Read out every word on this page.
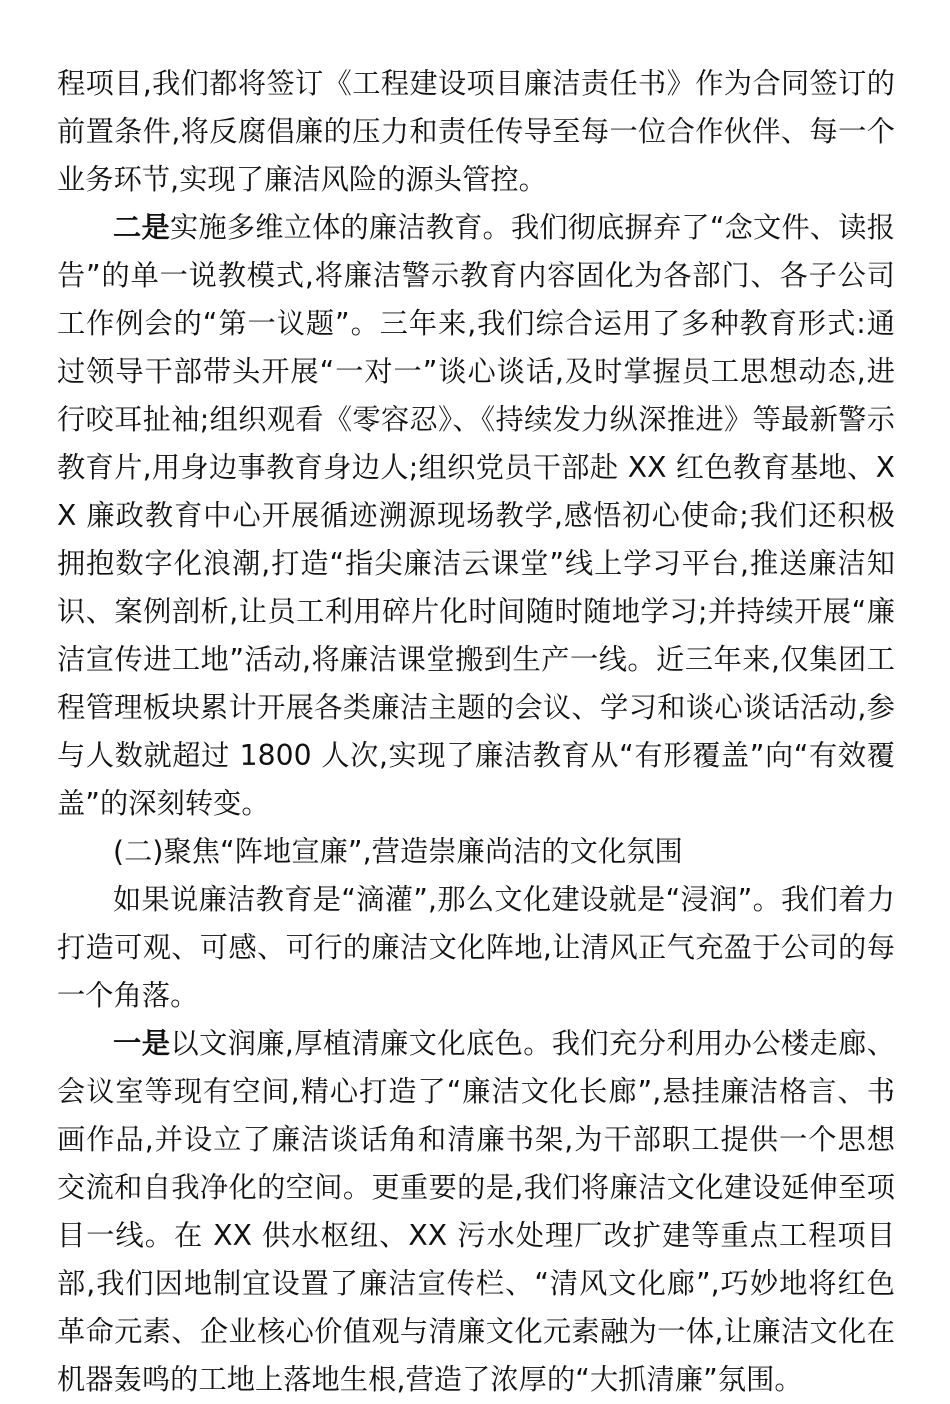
程项目,我们都将签订《工程建设项目廉洁责任书》作为合同签订的前置条件,将反腐倡廉的压力和责任传导至每一位合作伙伴、每一个业务环节,实现了廉洁风险的源头管控。

二是实施多维立体的廉洁教育。我们彻底摒弃了“念文件、读报告”的单一说教模式,将廉洁警示教育内容固化为各部门、各子公司工作例会的“第一议题”。三年来,我们综合运用了多种教育形式:通过领导干部带头开展“一对一”谈心谈话,及时掌握员工思想动态,进行咬耳扯袖;组织观看《零容忍》、《持续发力纵深推进》等最新警示教育片,用身边事教育身边人;组织党员干部赴 XX 红色教育基地、XX 廉政教育中心开展循迹溯源现场教学,感悟初心使命;我们还积极拥抱数字化浪潮,打造“指尖廉洁云课堂”线上学习平台,推送廉洁知识、案例剖析,让员工利用碎片化时间随时随地学习;并持续开展“廉洁宣传进工地”活动,将廉洁课堂搬到生产一线。近三年来,仅集团工程管理板块累计开展各类廉洁主题的会议、学习和谈心谈话活动,参与人数就超过 1800 人次,实现了廉洁教育从“有形覆盖”向“有效覆盖”的深刻转变。

(二)聚焦“阵地宣廉”,营造崇廉尚洁的文化氛围

如果说廉洁教育是“滴灌”,那么文化建设就是“浸润”。我们着力打造可观、可感、可行的廉洁文化阵地,让清风正气充盈于公司的每一个角落。

一是以文润廉,厚植清廉文化底色。我们充分利用办公楼走廊、会议室等现有空间,精心打造了“廉洁文化长廊”,悬挂廉洁格言、书画作品,并设立了廉洁谈话角和清廉书架,为干部职工提供一个思想交流和自我净化的空间。更重要的是,我们将廉洁文化建设延伸至项目一线。在 XX 供水枢纽、XX 污水处理厂改扩建等重点工程项目部,我们因地制宜设置了廉洁宣传栏、“清风文化廊”,巧妙地将红色革命元素、企业核心价值观与清廉文化元素融为一体,让廉洁文化在机器轰鸣的工地上落地生根,营造了浓厚的“大抓清廉”氛围。
